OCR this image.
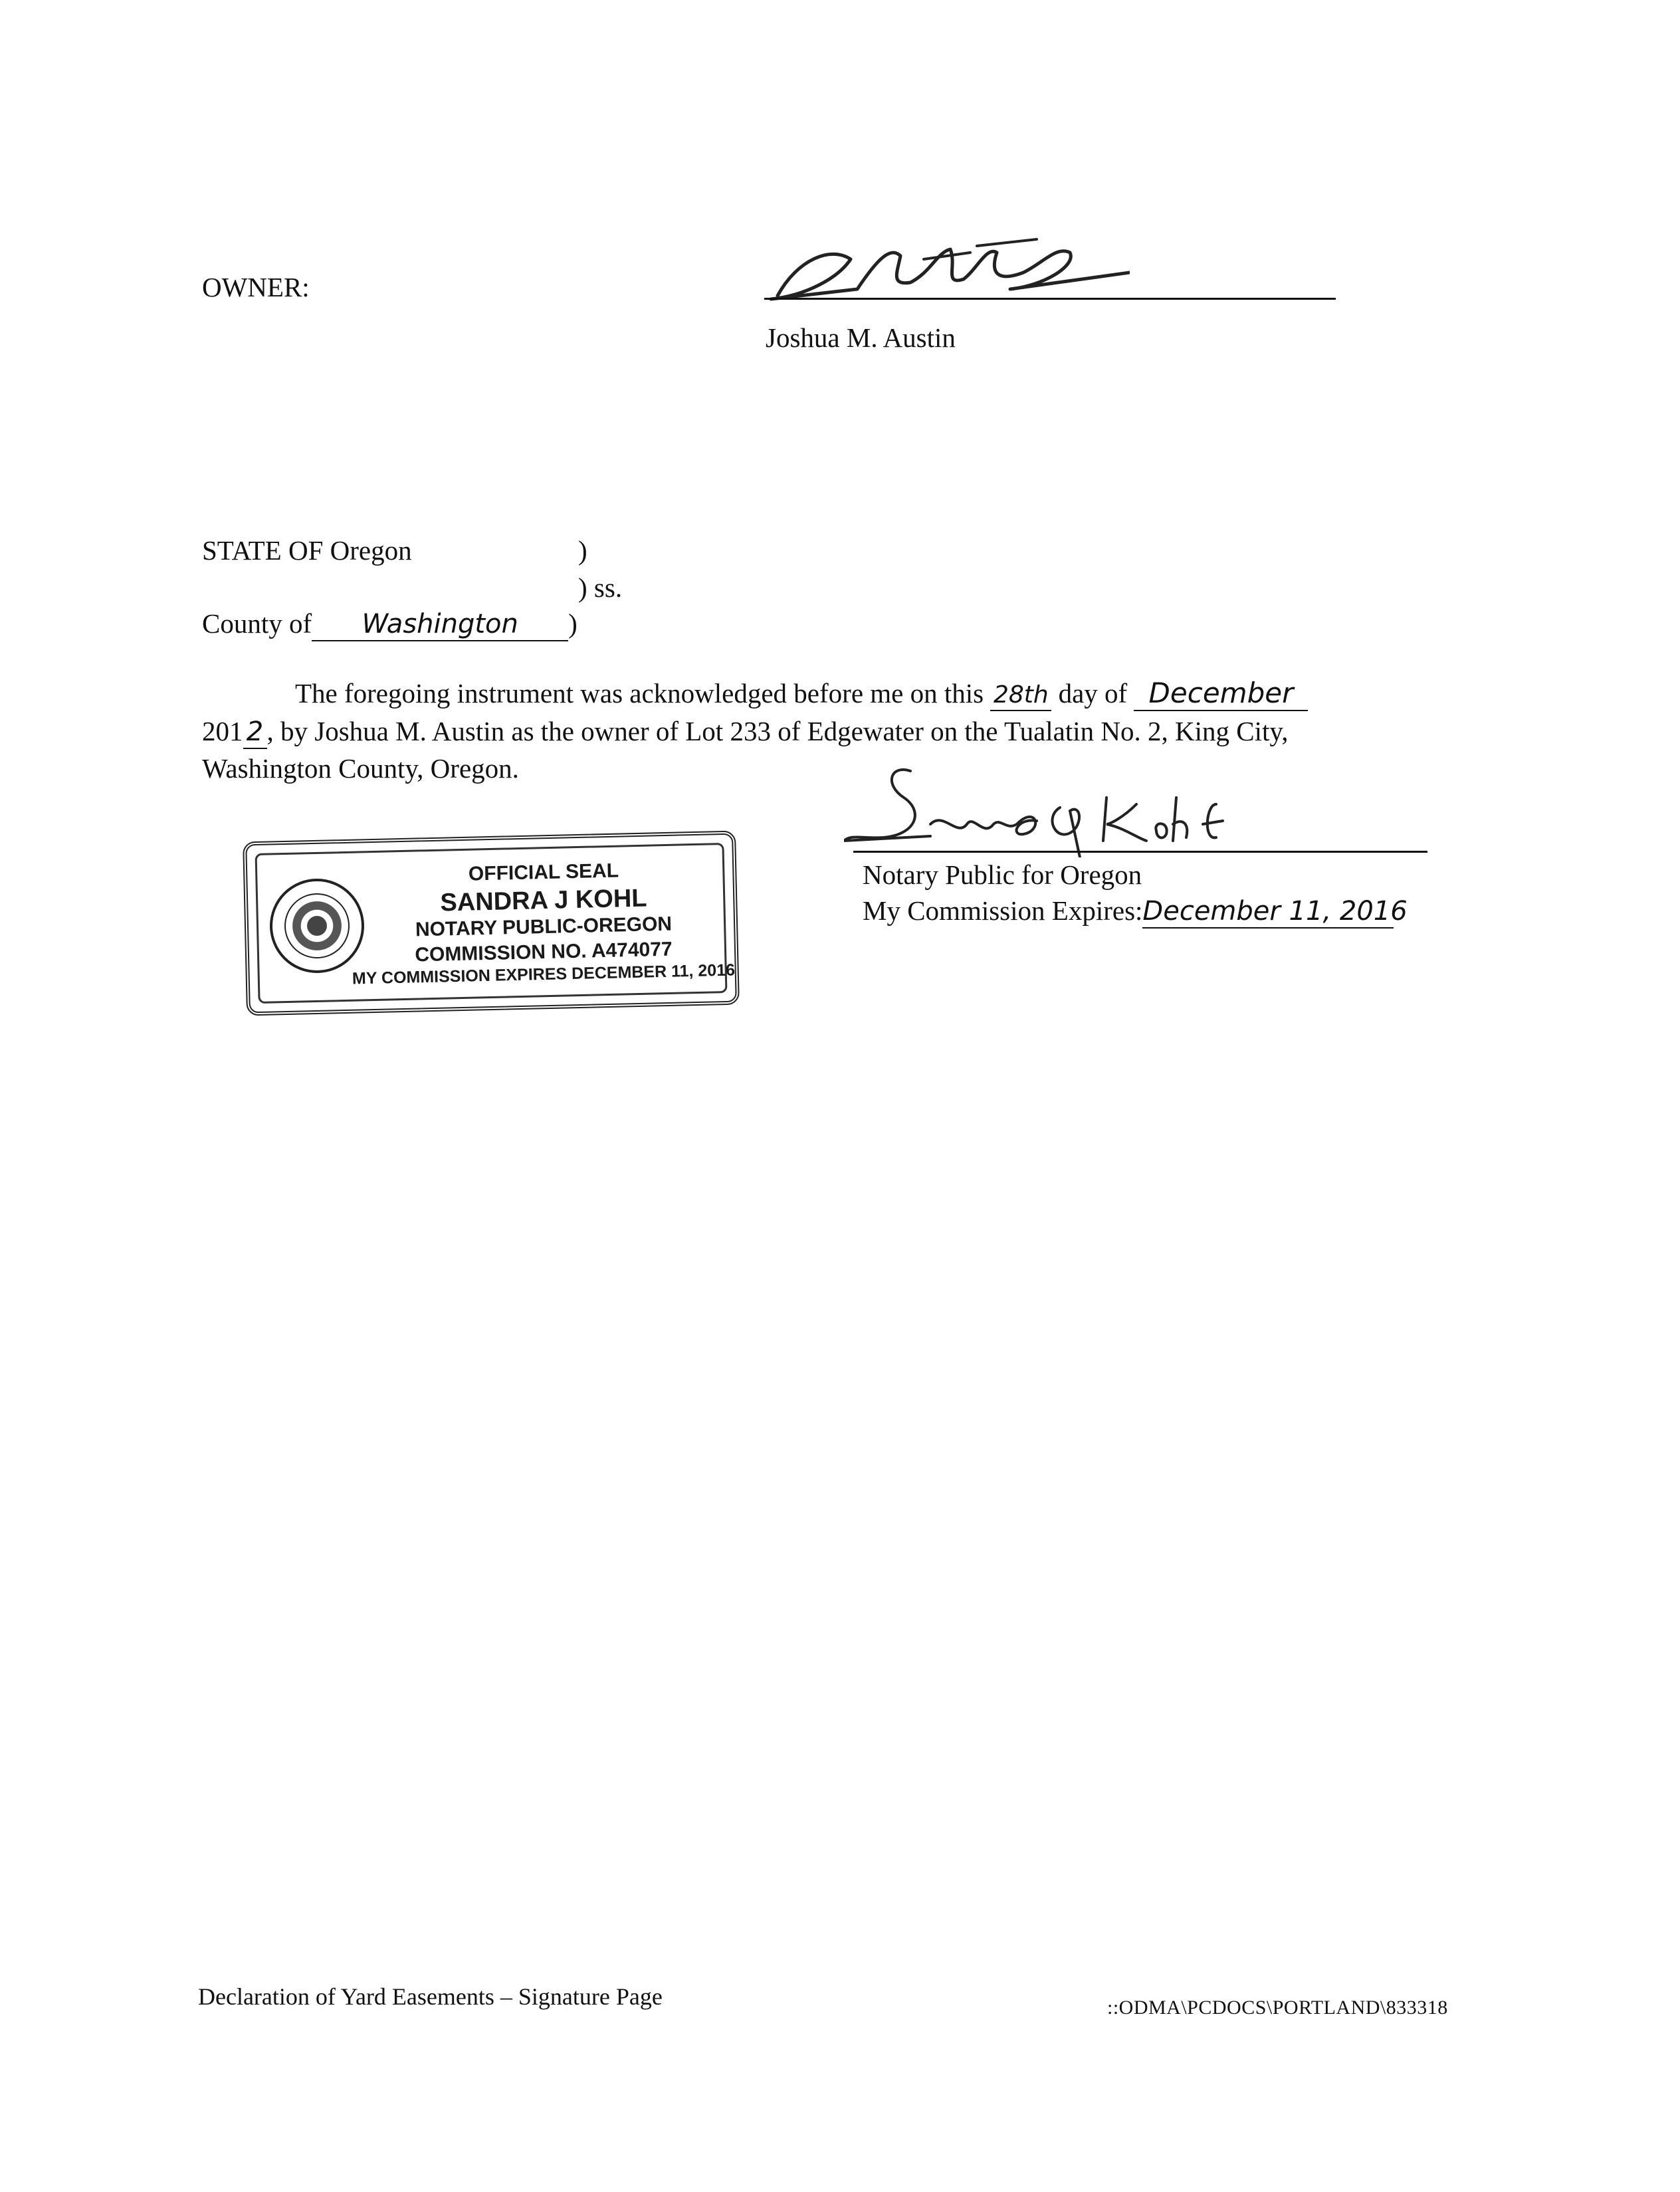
OWNER:
Joshua M. Austin
STATE OF Oregon	)
) ss.
County of Washington )
The foregoing instrument was acknowledged before me on this 28th day of December
201 2 , by Joshua M. Austin as the owner of Lot 233 of Edgewater on the Tualatin No. 2, King City,
Washington County, Oregon.
OFFICIAL SEAL
SANDRA J KOHL
NOTARY PUBLIC-OREGON
COMMISSION NO. A474077
MY COMMISSION EXPIRES DECEMBER 11, 2016
Notary Public for Oregon
My Commission Expires:December 11, 2016
Declaration of Yard Easements – Signature Page	::ODMA\PCDOCS\PORTLAND\833318
